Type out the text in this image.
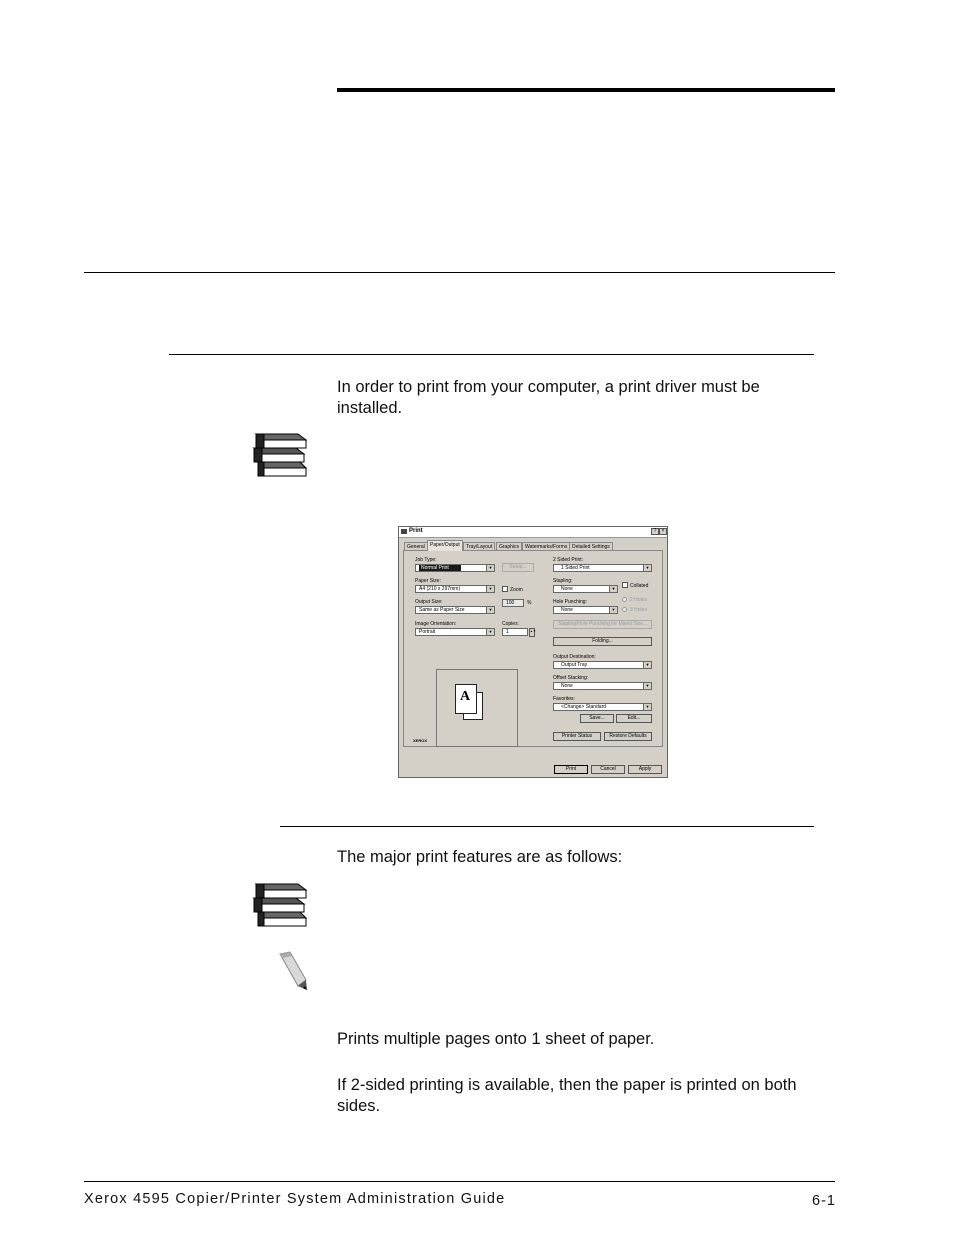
In order to print from your computer, a print driver must be installed.
Print	?	×
General	Paper/Output	Tray/Layout	Graphics	Watermarks/Forms Detailed Settings
Job Type:
Normal Print	▼	Setup...
Paper Size:
A4 (210 x 297mm)	▼	Zoom
Output Size:
Same as Paper Size	▼
100	%
Image Orientation:
Portrait	▼
Copies:
1	▲▼
A
XEROX
2 Sided Print:
1 Sided Print	▼
Stapling:
None	▼	Collated
Hole Punching:
None	▼
2 Holes
3 Holes
Stapling/Hole Punching for Mixed Size...
Folding...
Output Destination:
Output Tray	▼
Offset Stacking:
None	▼
Favorites:
<Change> Standard	▼
Save...	Edit...
Printer Status	Restore Defaults
Print	Cancel	Apply
The major print features are as follows:
Prints multiple pages onto 1 sheet of paper.
If 2-sided printing is available, then the paper is printed on both sides.
Xerox 4595 Copier/Printer System Administration Guide	6-1
